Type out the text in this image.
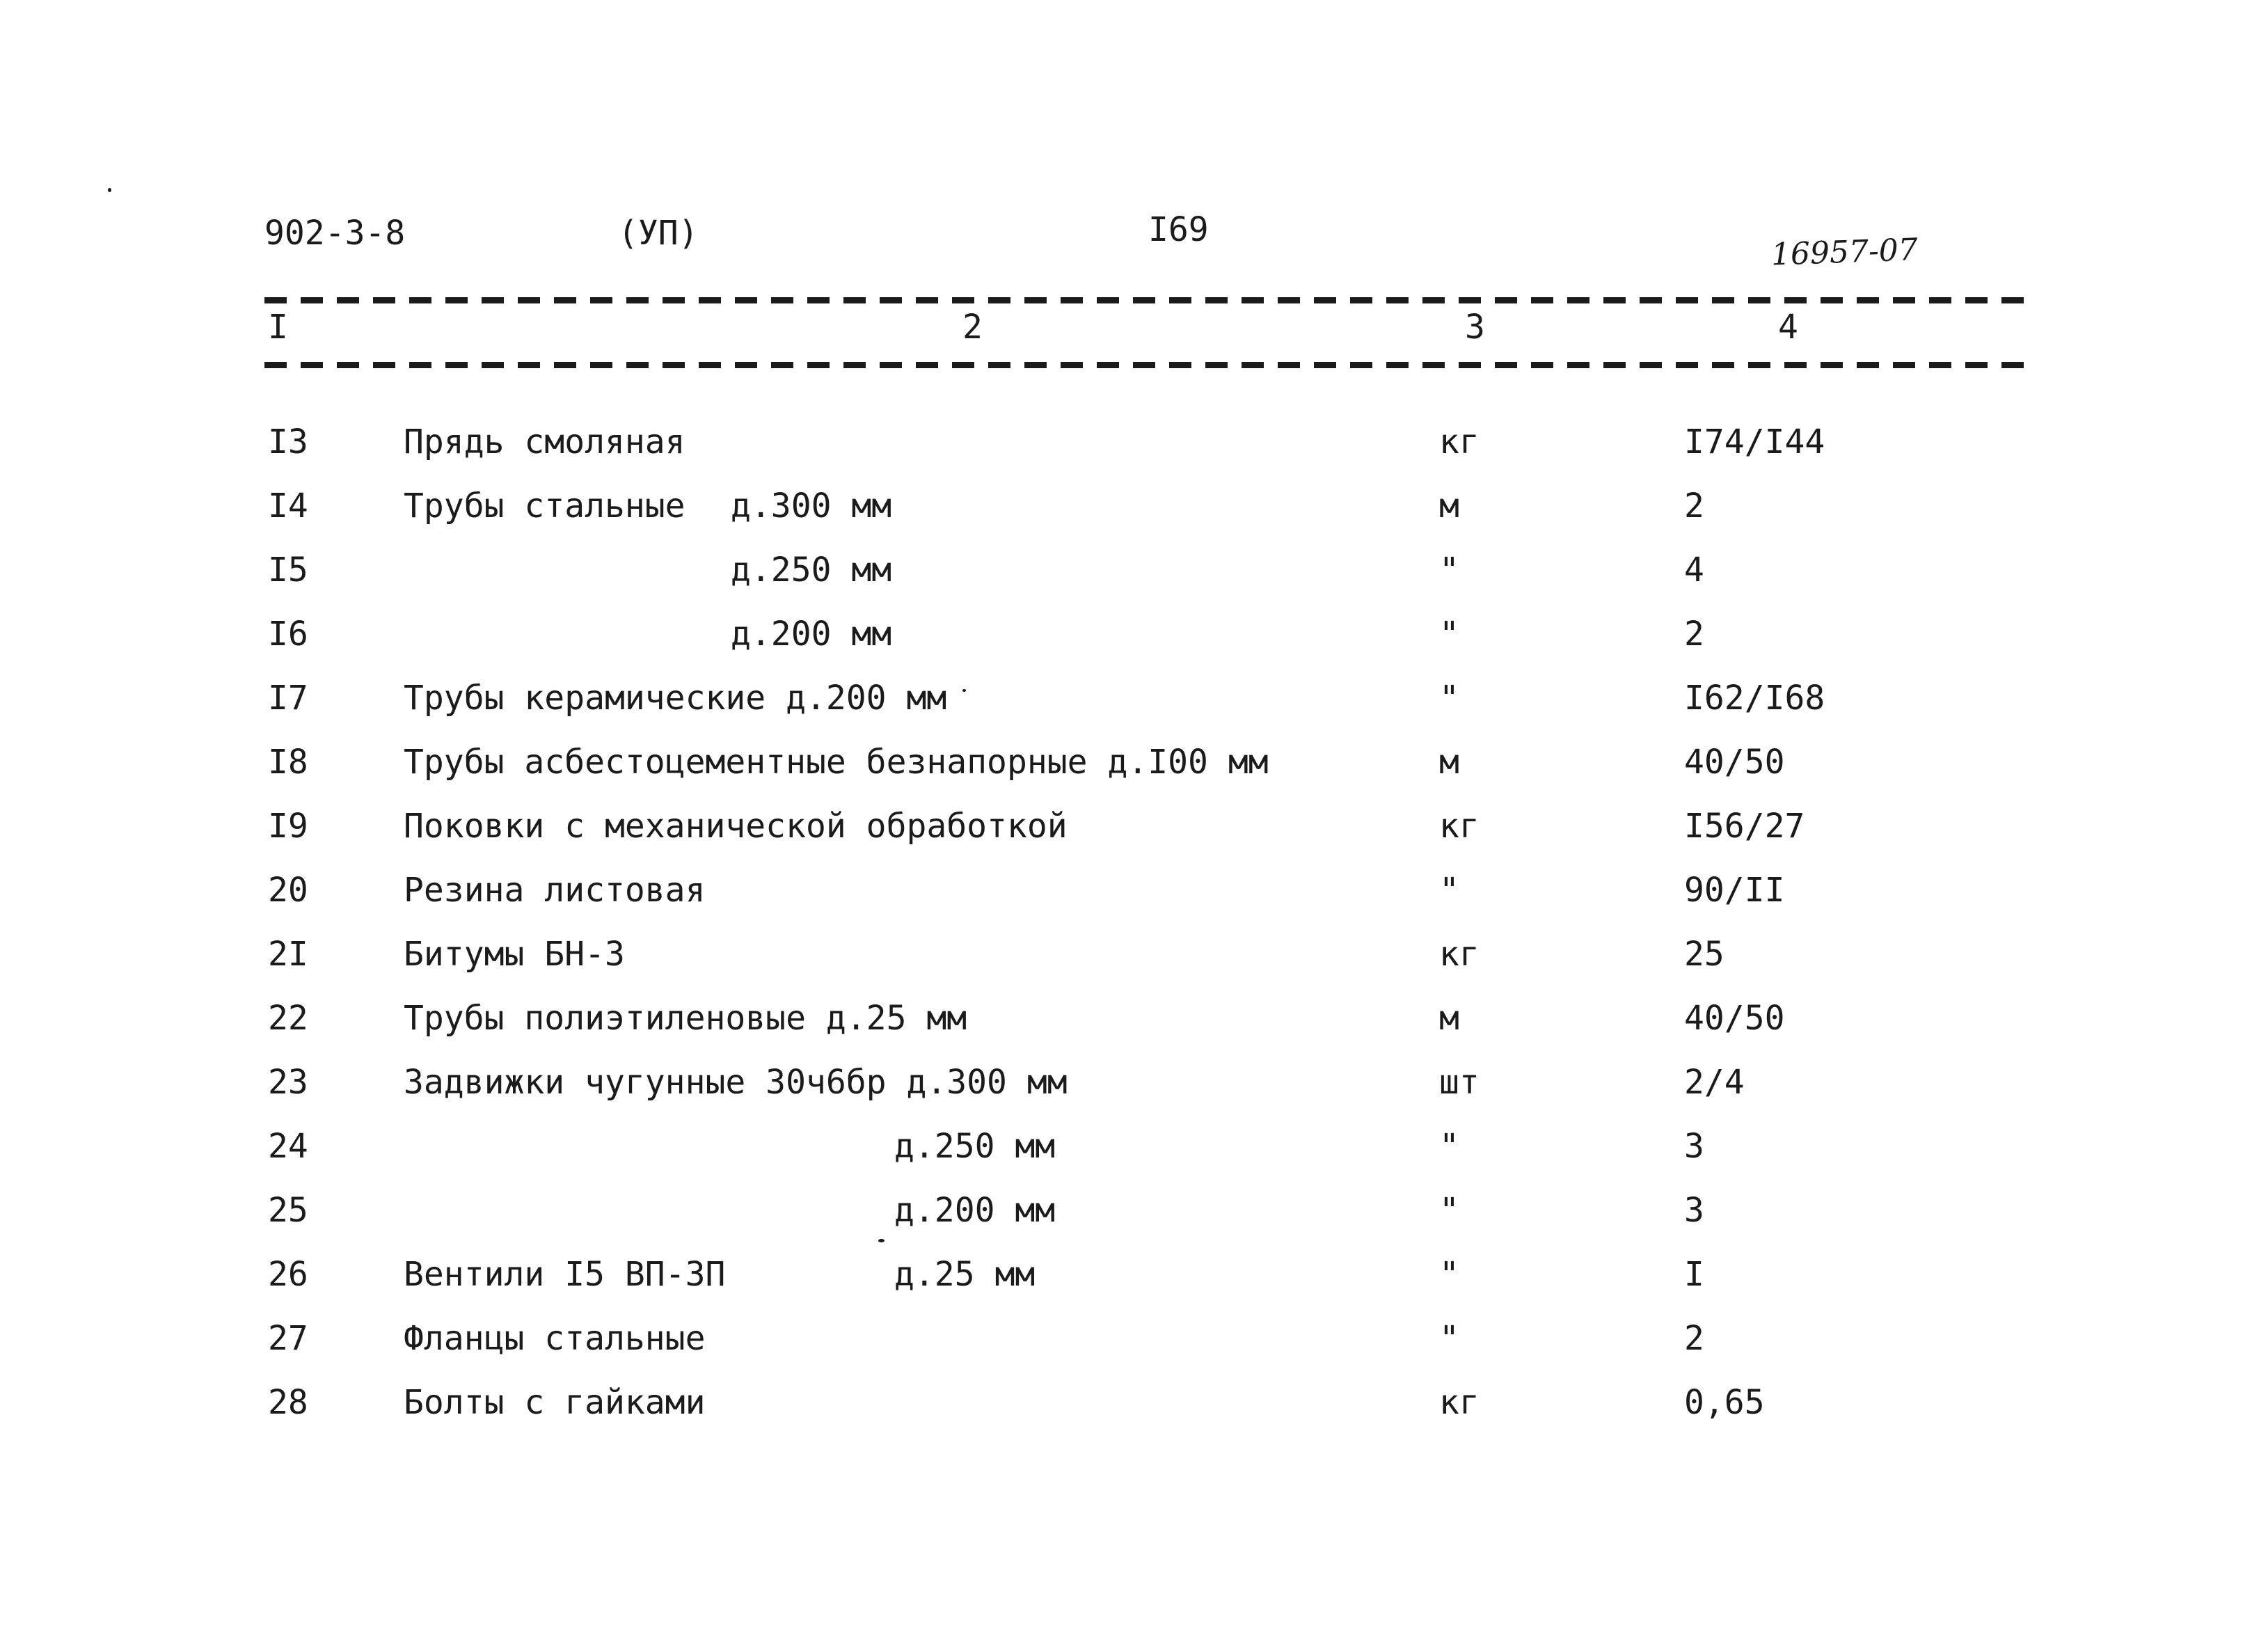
902-3-8	(УП)	I69
16957-07
I	2	3	4
I3	Прядь смоляная	кг	I74/I44
I4	Трубы стальные д.300 мм	м	2
I5	д.250 мм	"	4
I6	д.200 мм	"	2
I7	Трубы керамические д.200 мм	"	I62/I68
I8	Трубы асбестоцементные безнапорные д.I00 мм	м	40/50
I9	Поковки с механической обработкой	кг	I56/27
20	Резина листовая	"	90/II
2I	Битумы БН-3	кг	25
22	Трубы полиэтиленовые д.25 мм	м	40/50
23	Задвижки чугунные 30ч6бр д.300 мм	шт	2/4
24	д.250 мм	"	3
25	д.200 мм	"	3
26	Вентили I5 ВП-3П	д.25 мм	"	I
27	Фланцы стальные	"	2
28	Болты с гайками	кг	0,65
